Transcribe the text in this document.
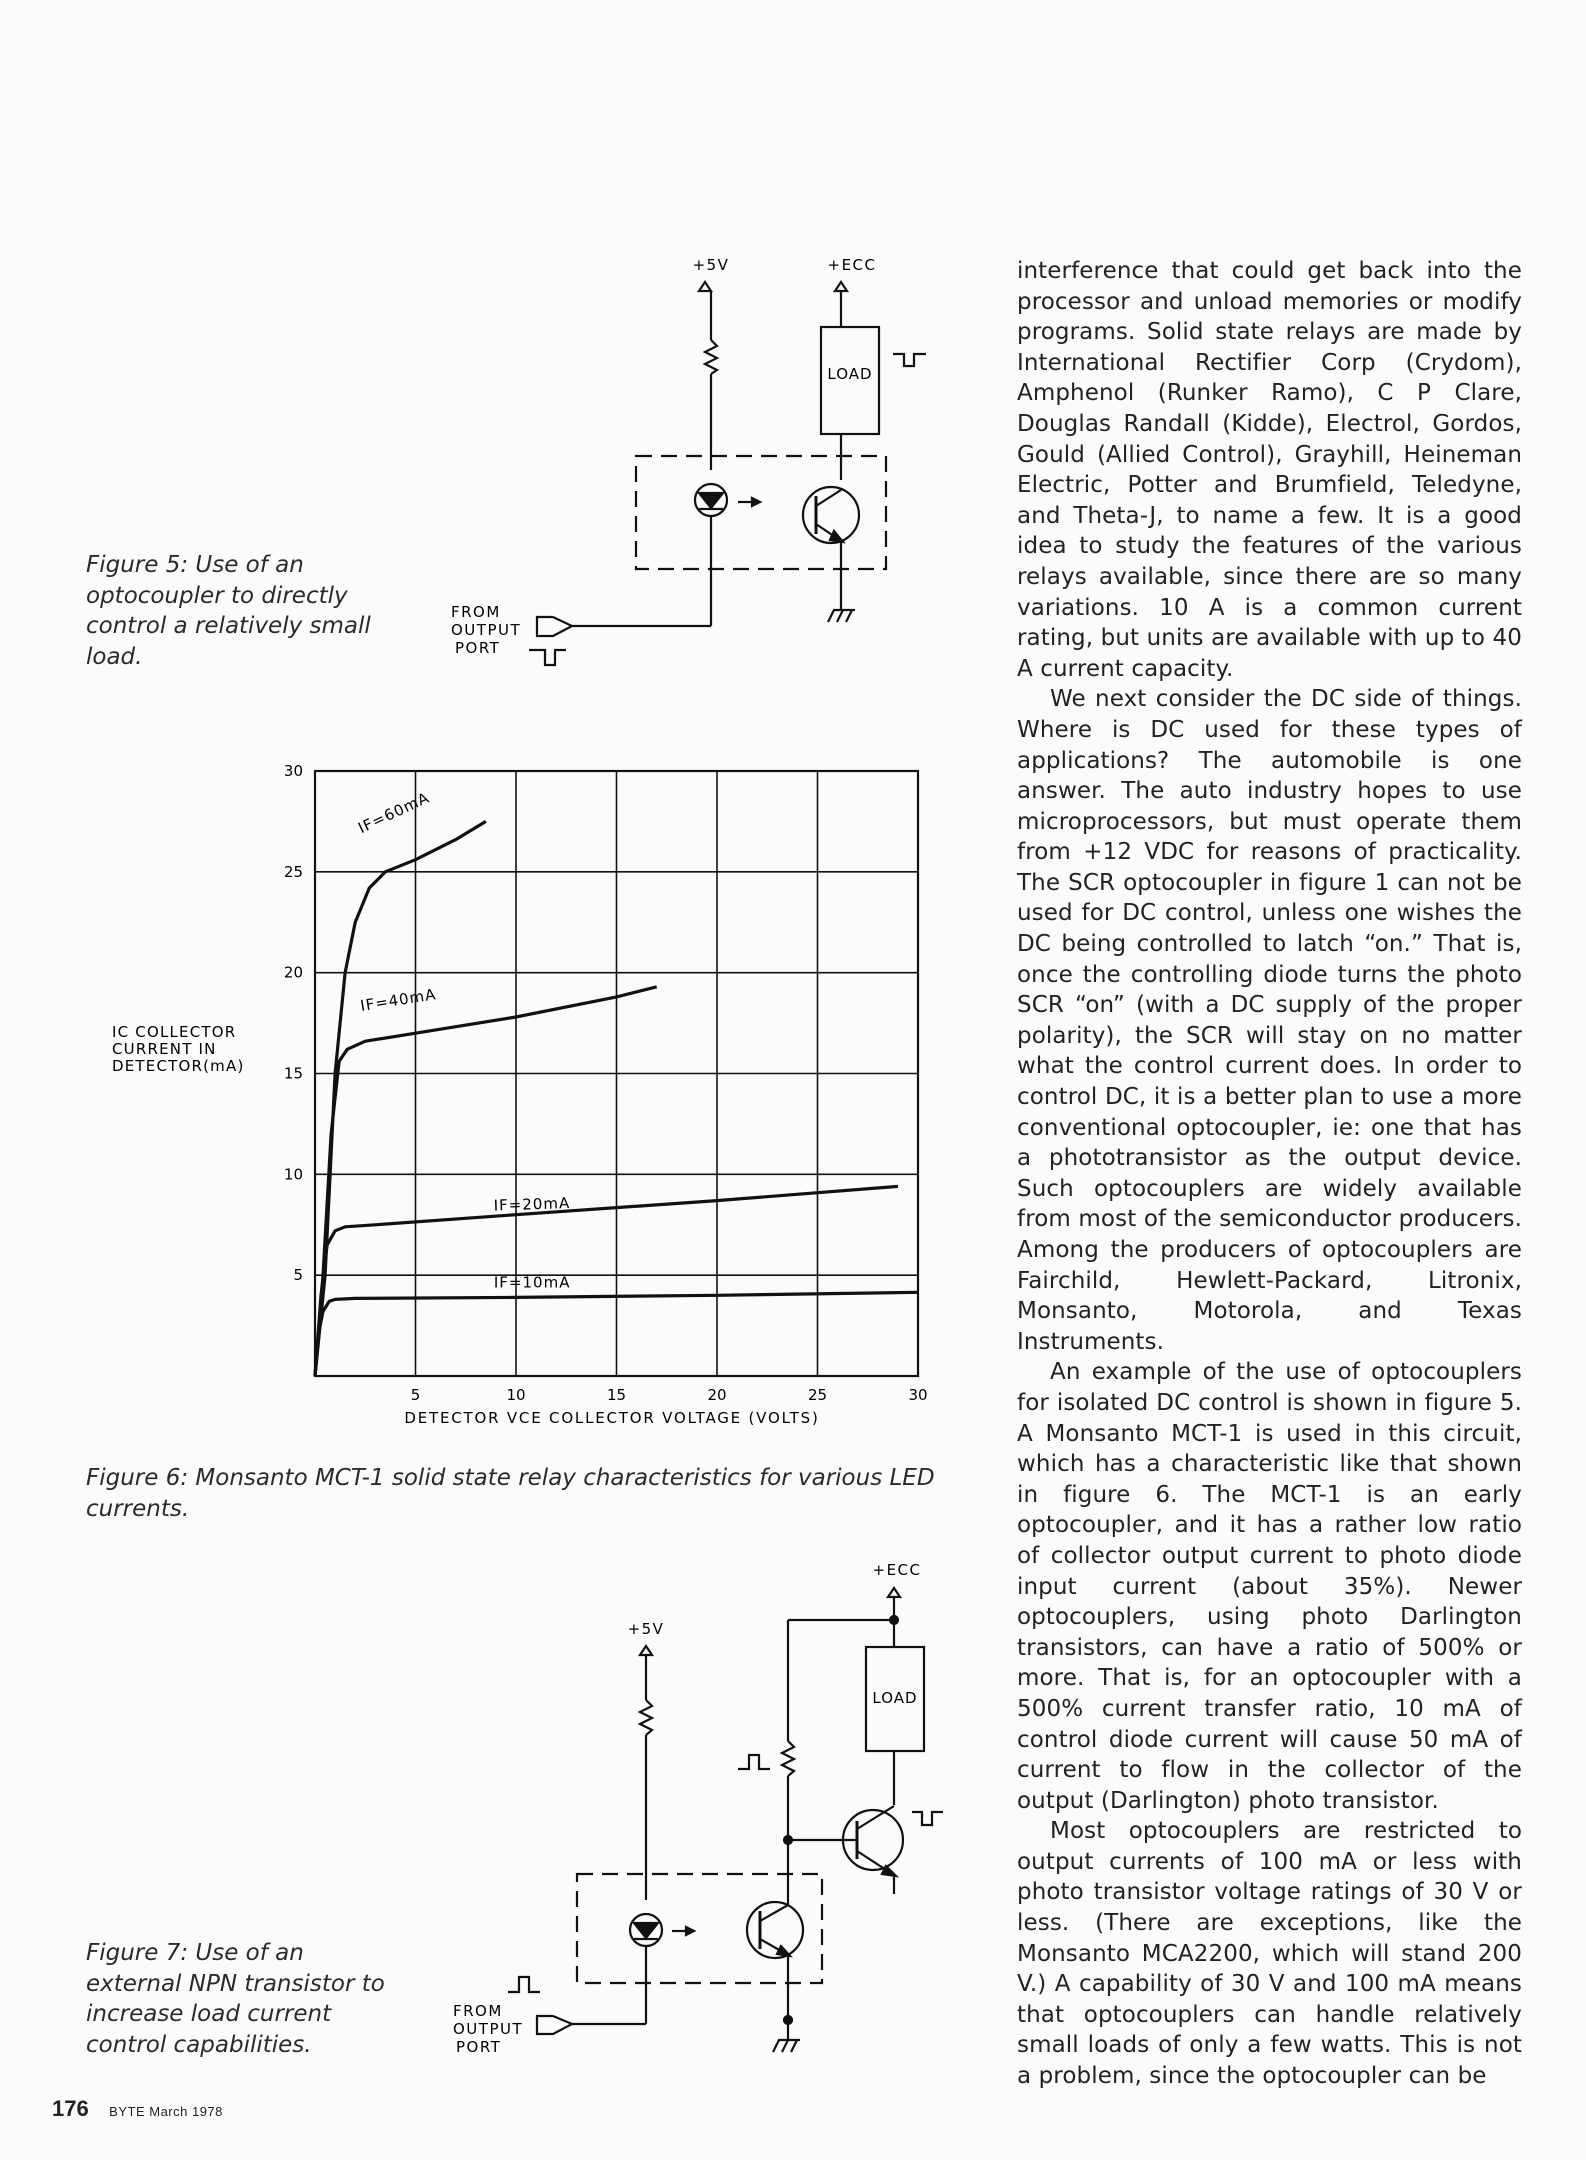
+5V	+ECC
LOAD
FROM
OUTPUT
PORT

Figure 5: Use of an optocoupler to directly control a relatively small load.

5	10	15	20	25	30
5
10
15
20
25
30
IF=60mA
IF=40mA
IF=20mA
IF=10mA
DETECTOR VCE COLLECTOR VOLTAGE (VOLTS)
IC COLLECTOR
CURRENT IN
DETECTOR(mA)

Figure 6: Monsanto MCT-1 solid state relay characteristics for various LED currents.

+ECC
+5V
LOAD
FROM
OUTPUT
PORT

Figure 7: Use of an external NPN transistor to increase load current control capabilities.

interference that could get back into the processor and unload memories or modify programs. Solid state relays are made by International Rectifier Corp (Crydom), Amphenol (Runker Ramo), C P Clare, Douglas Randall (Kidde), Electrol, Gordos, Gould (Allied Control), Grayhill, Heineman Electric, Potter and Brumfield, Teledyne, and Theta-J, to name a few. It is a good idea to study the features of the various relays available, since there are so many variations. 10 A is a common current rating, but units are available with up to 40 A current capacity.

We next consider the DC side of things. Where is DC used for these types of applications? The automobile is one answer. The auto industry hopes to use microprocessors, but must operate them from +12 VDC for reasons of practicality. The SCR optocoupler in figure 1 can not be used for DC control, unless one wishes the DC being controlled to latch “on.” That is, once the controlling diode turns the photo SCR “on” (with a DC supply of the proper polarity), the SCR will stay on no matter what the control current does. In order to control DC, it is a better plan to use a more conventional optocoupler, ie: one that has a phototransistor as the output device. Such optocouplers are widely available from most of the semiconductor producers. Among the producers of optocouplers are Fairchild, Hewlett-Packard, Litronix, Monsanto, Motorola, and Texas Instruments.

An example of the use of optocouplers for isolated DC control is shown in figure 5. A Monsanto MCT-1 is used in this circuit, which has a characteristic like that shown in figure 6. The MCT-1 is an early optocoupler, and it has a rather low ratio of collector output current to photo diode input current (about 35%). Newer optocouplers, using photo Darlington transistors, can have a ratio of 500% or more. That is, for an optocoupler with a 500% current transfer ratio, 10 mA of control diode current will cause 50 mA of current to flow in the collector of the output (Darlington) photo transistor.

Most optocouplers are restricted to output currents of 100 mA or less with photo transistor voltage ratings of 30 V or less. (There are exceptions, like the Monsanto MCA2200, which will stand 200 V.) A capability of 30 V and 100 mA means that optocouplers can handle relatively small loads of only a few watts. This is not a problem, since the optocoupler can be

176 BYTE March 1978
